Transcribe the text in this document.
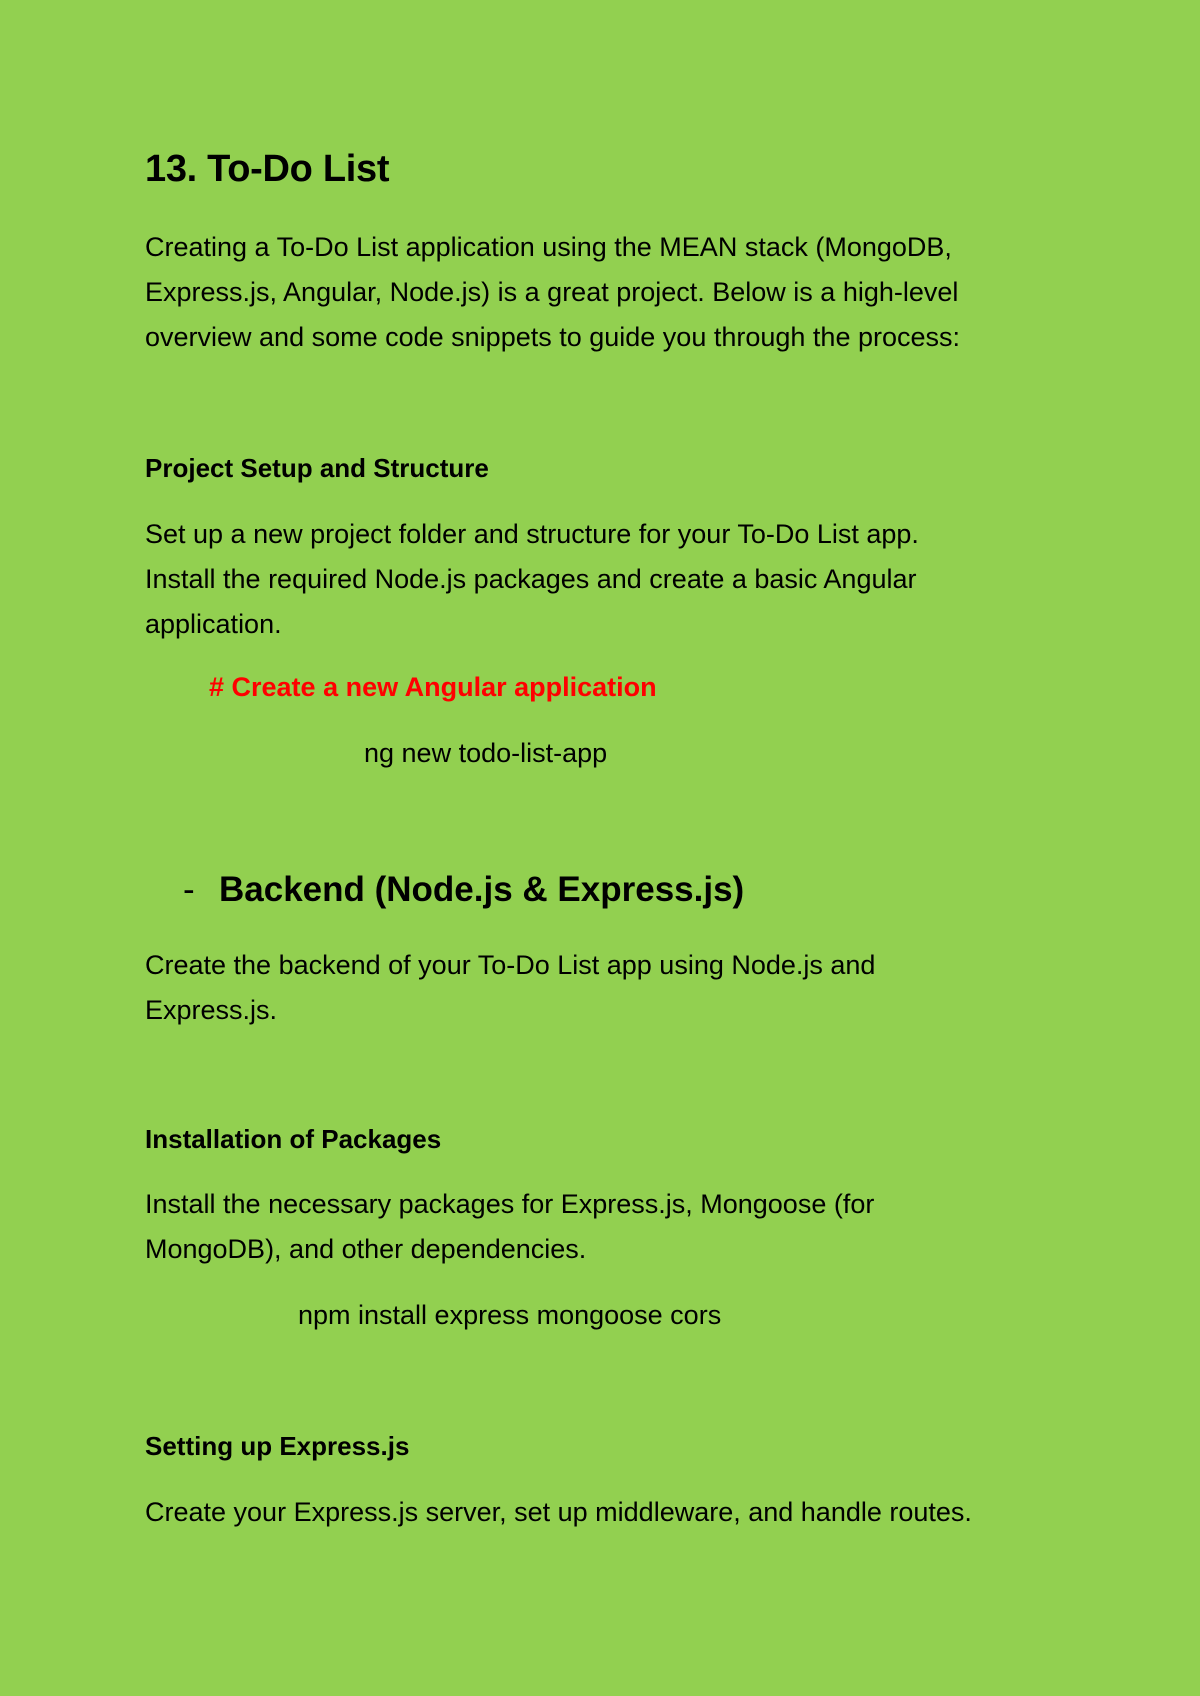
13. To-Do List
Creating a To-Do List application using the MEAN stack (MongoDB,
Express.js, Angular, Node.js) is a great project. Below is a high-level
overview and some code snippets to guide you through the process:
Project Setup and Structure
Set up a new project folder and structure for your To-Do List app.
Install the required Node.js packages and create a basic Angular
application.
# Create a new Angular application
ng new todo-list-app
- Backend (Node.js & Express.js)
Create the backend of your To-Do List app using Node.js and
Express.js.
Installation of Packages
Install the necessary packages for Express.js, Mongoose (for
MongoDB), and other dependencies.
npm install express mongoose cors
Setting up Express.js
Create your Express.js server, set up middleware, and handle routes.
